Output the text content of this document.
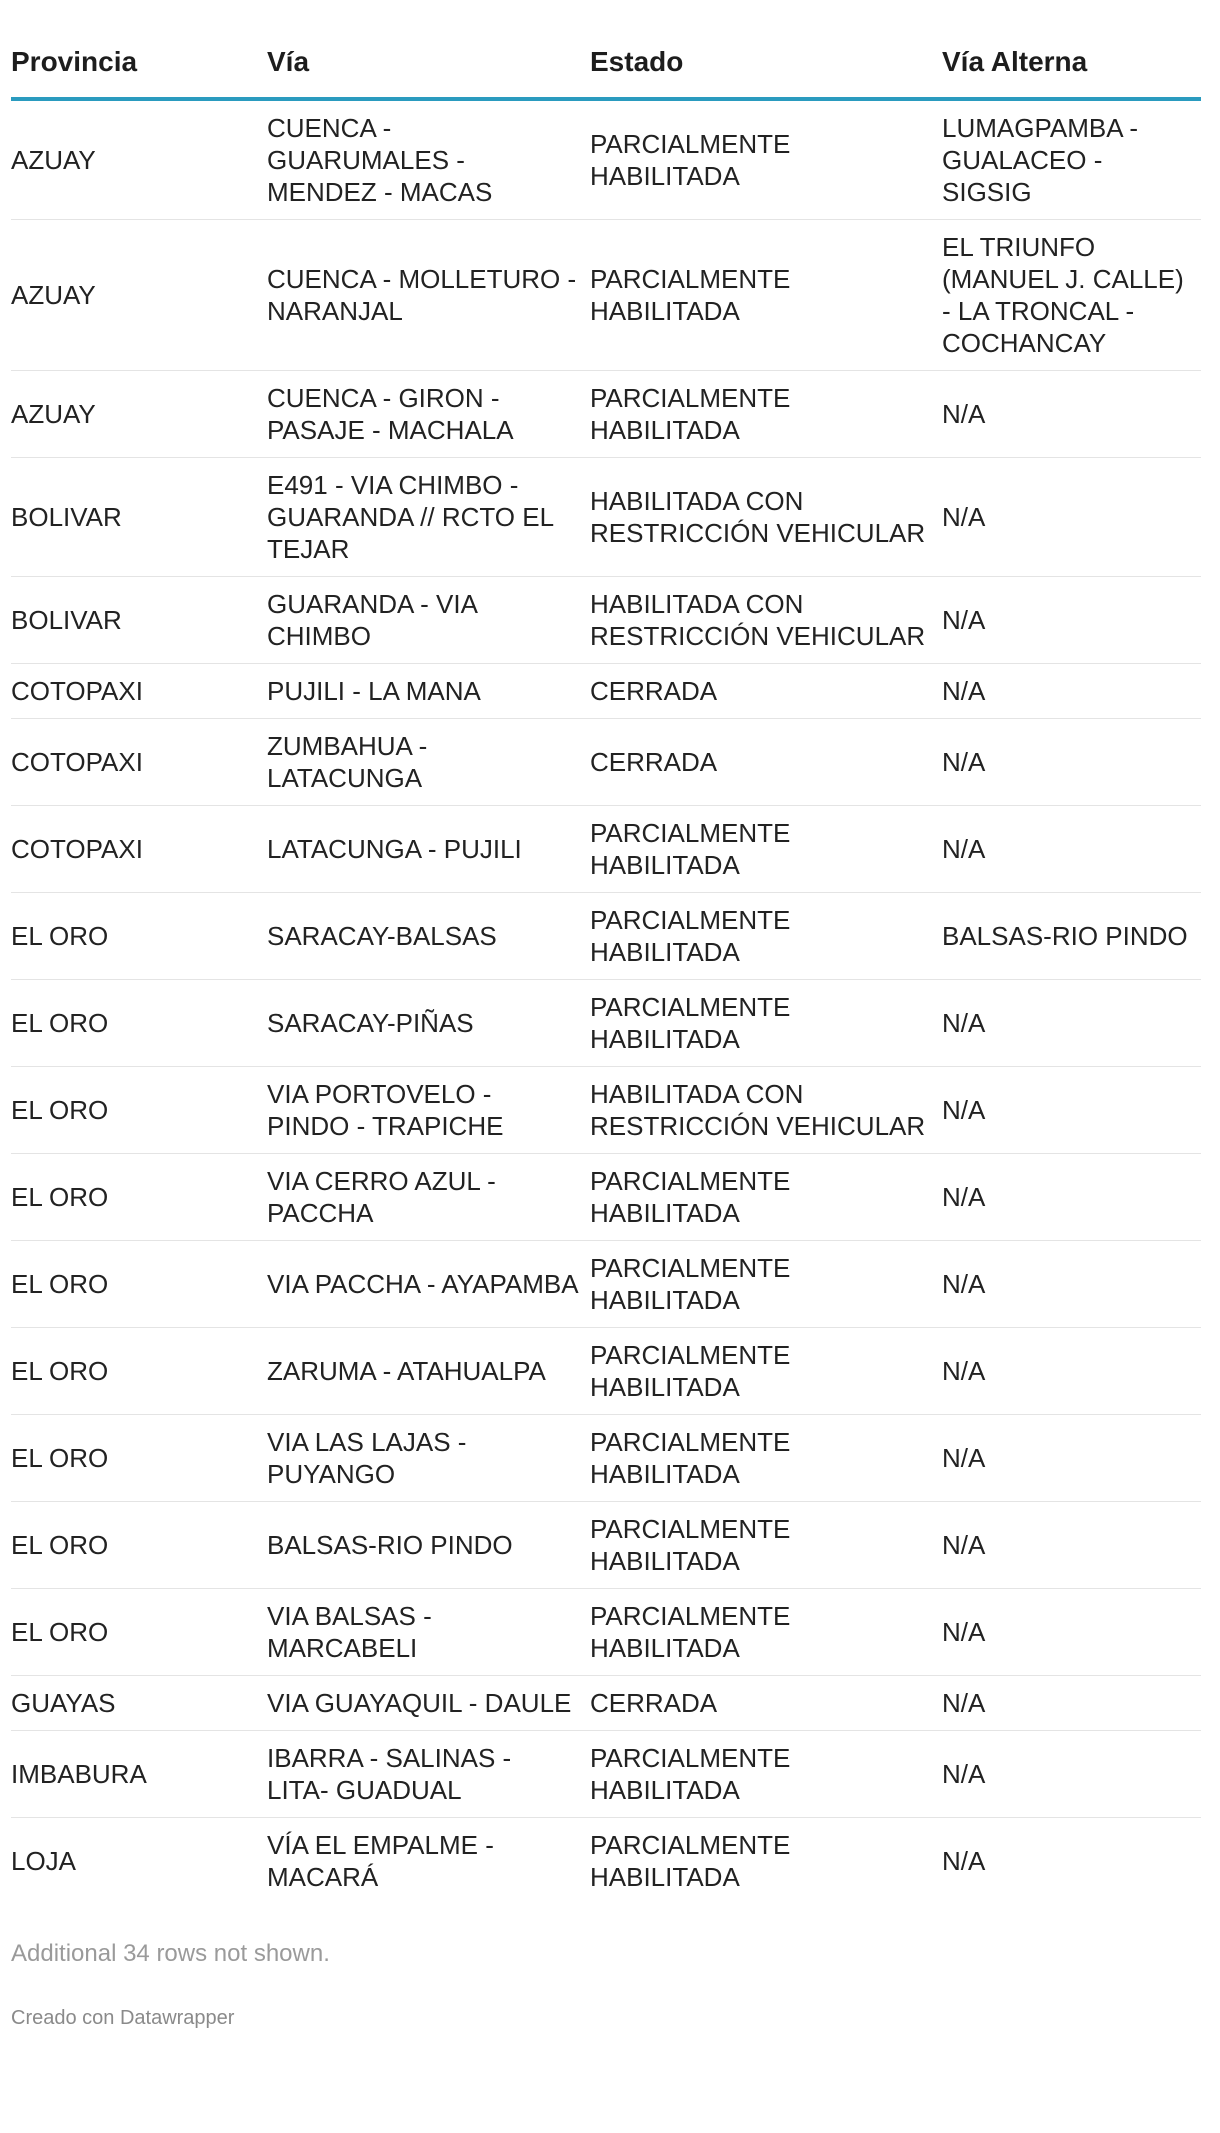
Provincia	Vía	Estado	Vía Alterna
AZUAY	CUENCA - GUARUMALES - MENDEZ - MACAS	PARCIALMENTE HABILITADA	LUMAGPAMBA - GUALACEO - SIGSIG
AZUAY	CUENCA - MOLLETURO - NARANJAL	PARCIALMENTE HABILITADA	EL TRIUNFO (MANUEL J. CALLE) - LA TRONCAL - COCHANCAY
AZUAY	CUENCA - GIRON - PASAJE - MACHALA	PARCIALMENTE HABILITADA	N/A
BOLIVAR	E491 - VIA CHIMBO - GUARANDA // RCTO EL TEJAR	HABILITADA CON RESTRICCIÓN VEHICULAR	N/A
BOLIVAR	GUARANDA - VIA CHIMBO	HABILITADA CON RESTRICCIÓN VEHICULAR	N/A
COTOPAXI	PUJILI - LA MANA	CERRADA	N/A
COTOPAXI	ZUMBAHUA - LATACUNGA	CERRADA	N/A
COTOPAXI	LATACUNGA - PUJILI	PARCIALMENTE HABILITADA	N/A
EL ORO	SARACAY-BALSAS	PARCIALMENTE HABILITADA	BALSAS-RIO PINDO
EL ORO	SARACAY-PIÑAS	PARCIALMENTE HABILITADA	N/A
EL ORO	VIA PORTOVELO - PINDO - TRAPICHE	HABILITADA CON RESTRICCIÓN VEHICULAR	N/A
EL ORO	VIA CERRO AZUL - PACCHA	PARCIALMENTE HABILITADA	N/A
EL ORO	VIA PACCHA - AYAPAMBA	PARCIALMENTE HABILITADA	N/A
EL ORO	ZARUMA - ATAHUALPA	PARCIALMENTE HABILITADA	N/A
EL ORO	VIA LAS LAJAS - PUYANGO	PARCIALMENTE HABILITADA	N/A
EL ORO	BALSAS-RIO PINDO	PARCIALMENTE HABILITADA	N/A
EL ORO	VIA BALSAS - MARCABELI	PARCIALMENTE HABILITADA	N/A
GUAYAS	VIA GUAYAQUIL - DAULE	CERRADA	N/A
IMBABURA	IBARRA - SALINAS - LITA- GUADUAL	PARCIALMENTE HABILITADA	N/A
LOJA	VÍA EL EMPALME - MACARÁ	PARCIALMENTE HABILITADA	N/A
Additional 34 rows not shown.
Creado con Datawrapper
